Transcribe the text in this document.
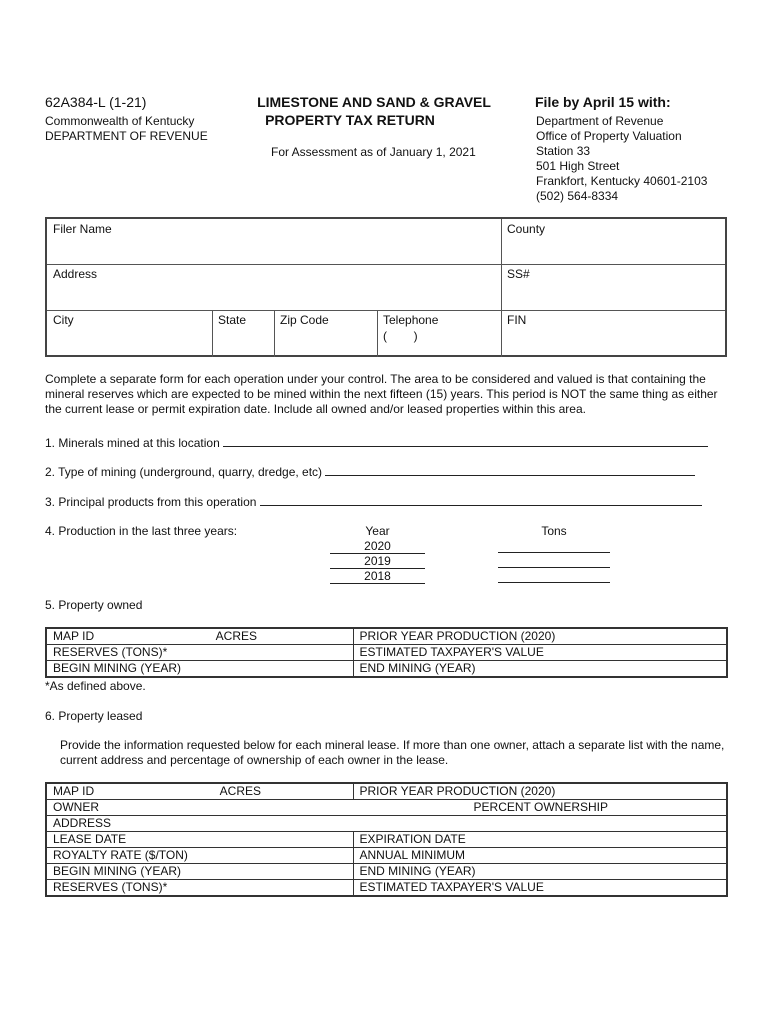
62A384-L (1-21)
Commonwealth of Kentucky
DEPARTMENT OF REVENUE
LIMESTONE AND SAND & GRAVEL
PROPERTY TAX RETURN
For Assessment as of January 1, 2021
File by April 15 with:
Department of Revenue
Office of Property Valuation
Station 33
501 High Street
Frankfort, Kentucky 40601-2103
(502) 564-8334
Filer Name	County
Address	SS#
City	State	Zip Code	Telephone
(        )
FIN
Complete a separate form for each operation under your control. The area to be considered and valued is that containing the mineral reserves which are expected to be mined within the next fifteen (15) years. This period is NOT the same thing as either the current lease or permit expiration date. Include all owned and/or leased properties within this area.
1. Minerals mined at this location
2. Type of mining (underground, quarry, dredge, etc)
3. Principal products from this operation
4. Production in the last three years:	Year	Tons
2020
2019
2018
5. Property owned
MAP ID ACRES	PRIOR YEAR PRODUCTION (2020)
RESERVES (TONS)*	ESTIMATED TAXPAYER'S VALUE
BEGIN MINING (YEAR)	END MINING (YEAR)
*As defined above.
6. Property leased
Provide the information requested below for each mineral lease. If more than one owner, attach a separate list with the name, current address and percentage of ownership of each owner in the lease.
MAP ID ACRES	PRIOR YEAR PRODUCTION (2020)

OWNER PERCENT OWNERSHIP	

ADDRESS	
LEASE DATE	EXPIRATION DATE
ROYALTY RATE ($/TON)	ANNUAL MINIMUM
BEGIN MINING (YEAR)	END MINING (YEAR)
RESERVES (TONS)*	ESTIMATED TAXPAYER'S VALUE
